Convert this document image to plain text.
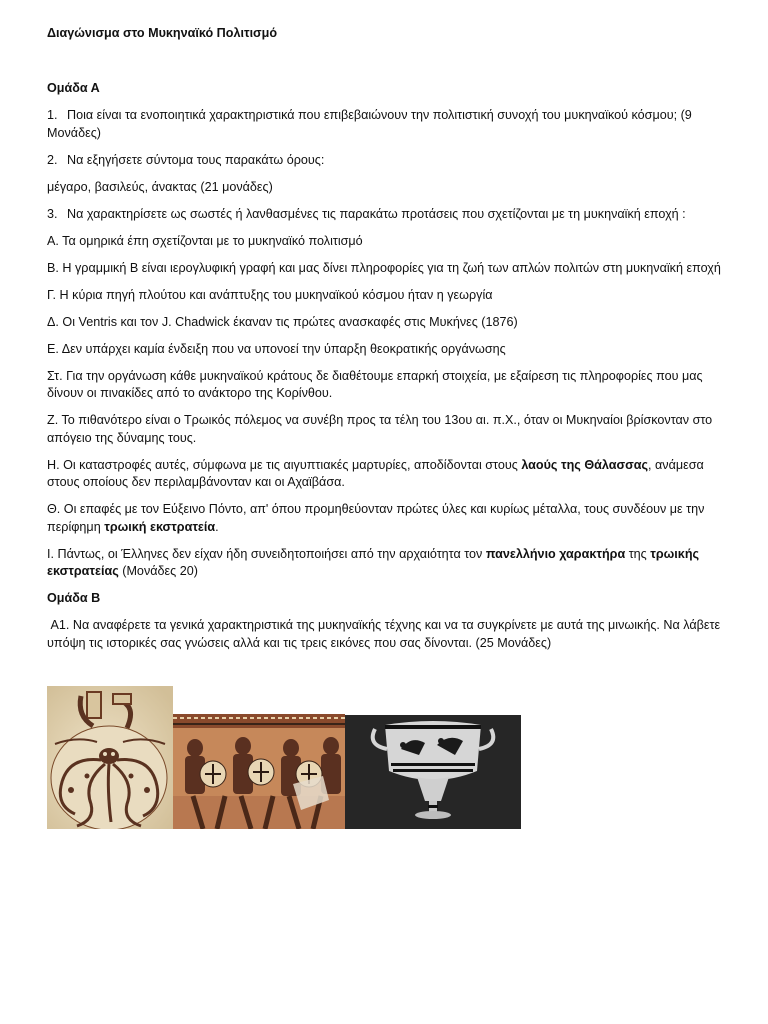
Διαγώνισμα στο Μυκηναϊκό Πολιτισμό

Ομάδα Α

1. Ποια είναι τα ενοποιητικά χαρακτηριστικά που επιβεβαιώνουν την πολιτιστική συνοχή του μυκηναϊκού κόσμου; (9 Μονάδες)

2. Να εξηγήσετε σύντομα τους παρακάτω όρους:

μέγαρο, βασιλεύς, άνακτας (21 μονάδες)

3. Να χαρακτηρίσετε ως σωστές ή λανθασμένες τις παρακάτω προτάσεις που σχετίζονται με τη μυκηναϊκή εποχή :

Α. Τα ομηρικά έπη σχετίζονται με το μυκηναϊκό πολιτισμό

Β. Η γραμμική Β είναι ιερογλυφική γραφή και μας δίνει πληροφορίες για τη ζωή των απλών πολιτών στη μυκηναϊκή εποχή

Γ. Η κύρια πηγή πλούτου και ανάπτυξης του μυκηναϊκού κόσμου ήταν η γεωργία

Δ. Οι Ventris και τον J. Chadwick έκαναν τις πρώτες ανασκαφές στις Μυκήνες (1876)

Ε. Δεν υπάρχει καμία ένδειξη που να υπονοεί την ύπαρξη θεοκρατικής οργάνωσης

Στ. Για την οργάνωση κάθε μυκηναϊκού κράτους δε διαθέτουμε επαρκή στοιχεία, με εξαίρεση τις πληροφορίες που μας δίνουν οι πινακίδες από το ανάκτορο της Κορίνθου.

Ζ. Το πιθανότερο είναι ο Τρωικός πόλεμος να συνέβη προς τα τέλη του 13ου αι. π.Χ., όταν οι Μυκηναίοι βρίσκονταν στο απόγειο της δύναμης τους.

Η. Οι καταστροφές αυτές, σύμφωνα με τις αιγυπτιακές μαρτυρίες, αποδίδονται στους λαούς της Θάλασσας, ανάμεσα στους οποίους δεν περιλαμβάνονταν και οι Αχαϊβάσα.

Θ. Οι επαφές με τον Εύξεινο Πόντο, απ' όπου προμηθεύονταν πρώτες ύλες και κυρίως μέταλλα, τους συνδέουν με την περίφημη τρωική εκστρατεία.

Ι. Πάντως, οι Έλληνες δεν είχαν ήδη συνειδητοποιήσει από την αρχαιότητα τον πανελλήνιο χαρακτήρα της τρωικής εκστρατείας (Μονάδες 20)

Ομάδα Β

Α1. Να αναφέρετε τα γενικά χαρακτηριστικά της μυκηναϊκής τέχνης και να τα συγκρίνετε με αυτά της μινωικής. Να λάβετε υπόψη τις ιστορικές σας γνώσεις αλλά και τις τρεις εικόνες που σας δίνονται. (25 Μονάδες)
